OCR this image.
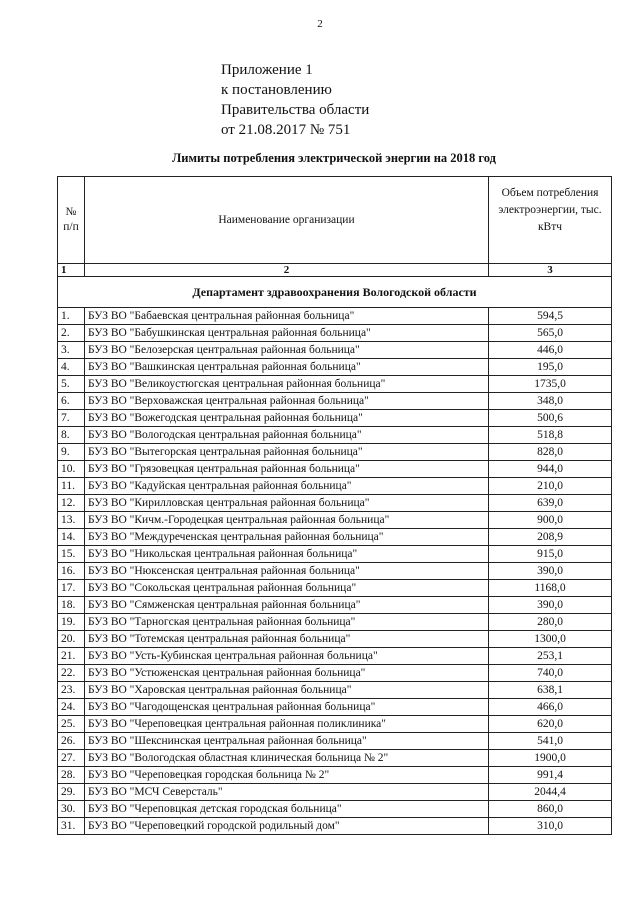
2
Приложение 1
к постановлению
Правительства области
от 21.08.2017 № 751
Лимиты потребления электрической энергии на 2018 год
№ п/п	Наименование организации	Объем потребления электроэнергии, тыс. кВтч
1	2	3
Департамент здравоохранения Вологодской области		
1.	БУЗ ВО "Бабаевская центральная районная больница"	594,5
2.	БУЗ ВО "Бабушкинская центральная районная больница"	565,0
3.	БУЗ ВО "Белозерская центральная районная больница"	446,0
4.	БУЗ ВО "Вашкинская центральная районная больница"	195,0
5.	БУЗ ВО "Великоустюгская центральная районная больница"	1735,0
6.	БУЗ ВО "Верховажская центральная районная больница"	348,0
7.	БУЗ ВО "Вожегодская центральная районная больница"	500,6
8.	БУЗ ВО "Вологодская центральная районная больница"	518,8
9.	БУЗ ВО "Вытегорская центральная районная больница"	828,0
10.	БУЗ ВО "Грязовецкая центральная районная больница"	944,0
11.	БУЗ ВО "Кадуйская центральная районная больница"	210,0
12.	БУЗ ВО "Кирилловская центральная районная больница"	639,0
13.	БУЗ ВО "Кичм.-Городецкая центральная районная больница"	900,0
14.	БУЗ ВО "Междуреченская центральная районная больница"	208,9
15.	БУЗ ВО "Никольская центральная районная больница"	915,0
16.	БУЗ ВО "Нюксенская центральная районная больница"	390,0
17.	БУЗ ВО "Сокольская центральная районная больница"	1168,0
18.	БУЗ ВО "Сямженская центральная районная больница"	390,0
19.	БУЗ ВО "Тарногская центральная районная больница"	280,0
20.	БУЗ ВО "Тотемская центральная районная больница"	1300,0
21.	БУЗ ВО "Усть-Кубинская центральная районная больница"	253,1
22.	БУЗ ВО "Устюженская центральная районная больница"	740,0
23.	БУЗ ВО "Харовская центральная районная больница"	638,1
24.	БУЗ ВО "Чагодощенская центральная районная больница"	466,0
25.	БУЗ ВО "Череповецкая центральная районная поликлиника"	620,0
26.	БУЗ ВО "Шекснинская центральная районная больница"	541,0
27.	БУЗ ВО "Вологодская областная клиническая больница № 2"	1900,0
28.	БУЗ ВО "Череповецкая городская больница № 2"	991,4
29.	БУЗ ВО "МСЧ Северсталь"	2044,4
30.	БУЗ ВО "Череповцкая детская городская больница"	860,0
31.	БУЗ ВО "Череповецкий городской родильный дом"	310,0
